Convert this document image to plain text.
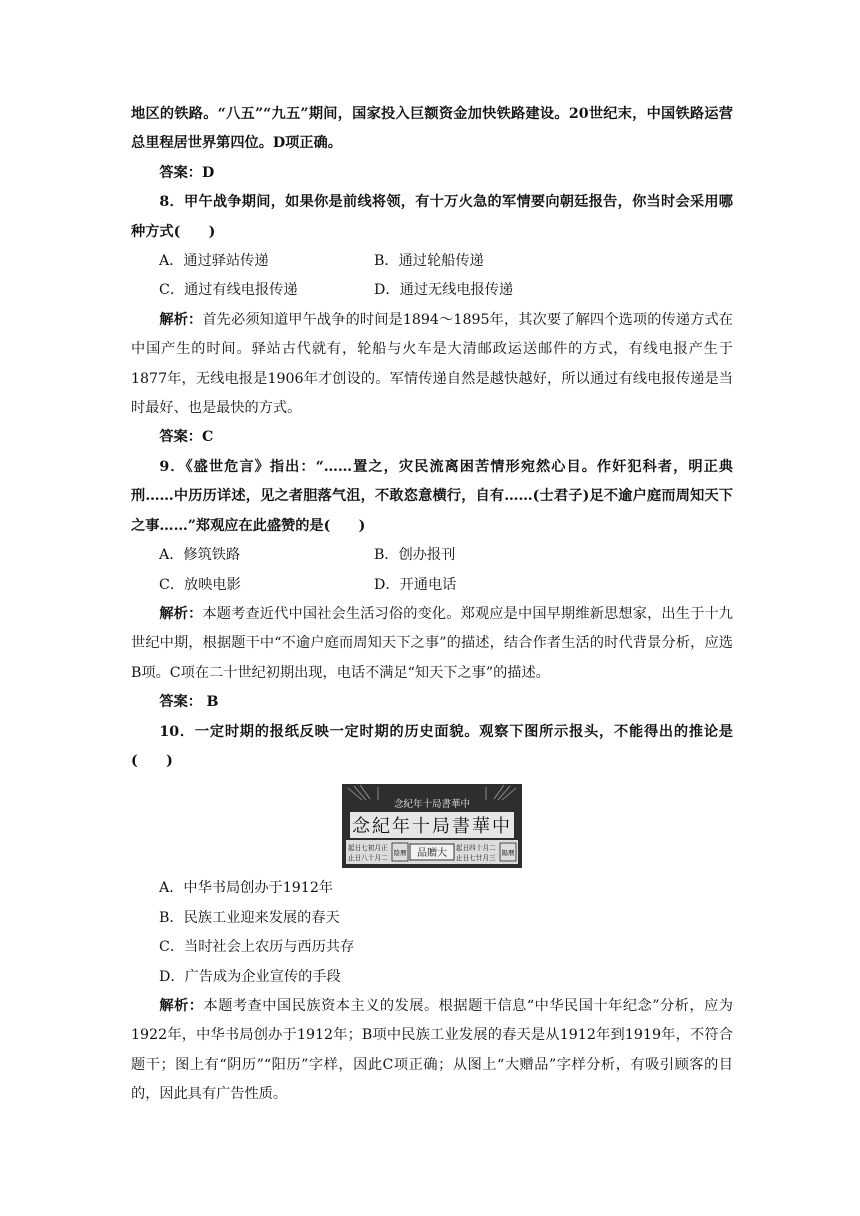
地区的铁路。“八五”“九五”期间，国家投入巨额资金加快铁路建设。20世纪末，中国铁路运营总里程居世界第四位。D项正确。

答案：D

8．甲午战争期间，如果你是前线将领，有十万火急的军情要向朝廷报告，你当时会采用哪种方式(　　)

A．通过驿站传递	B．通过轮船传递
C．通过有线电报传递	D．通过无线电报传递

解析：首先必须知道甲午战争的时间是1894～1895年，其次要了解四个选项的传递方式在中国产生的时间。驿站古代就有，轮船与火车是大清邮政运送邮件的方式，有线电报产生于1877年，无线电报是1906年才创设的。军情传递自然是越快越好，所以通过有线电报传递是当时最好、也是最快的方式。

答案：C

9．《盛世危言》指出：“……置之，灾民流离困苦情形宛然心目。作奸犯科者，明正典刑……中历历详述，见之者胆落气沮，不敢恣意横行，自有……(士君子)足不逾户庭而周知天下之事……”郑观应在此盛赞的是(　　)

A．修筑铁路	B．创办报刊
C．放映电影	D．开通电话

解析：本题考查近代中国社会生活习俗的变化。郑观应是中国早期维新思想家，出生于十九世纪中期，根据题干中“不逾户庭而周知天下之事”的描述，结合作者生活的时代背景分析，应选B项。C项在二十世纪初期出现，电话不满足“知天下之事”的描述。

答案： B

10．一定时期的报纸反映一定时期的历史面貌。观察下图所示报头，不能得出的推论是(　　)

念紀年十局書華中
念紀年十局書華中
起日七初月正
止日八十月二
陰曆 品贈大 起日四十月二
止日七廿月三
陽曆

A．中华书局创办于1912年

B．民族工业迎来发展的春天

C．当时社会上农历与西历共存

D．广告成为企业宣传的手段

解析：本题考查中国民族资本主义的发展。根据题干信息“中华民国十年纪念”分析，应为1922年，中华书局创办于1912年；B项中民族工业发展的春天是从1912年到1919年，不符合题干；图上有“阴历”“阳历”字样，因此C项正确；从图上“大赠品”字样分析，有吸引顾客的目的，因此具有广告性质。
